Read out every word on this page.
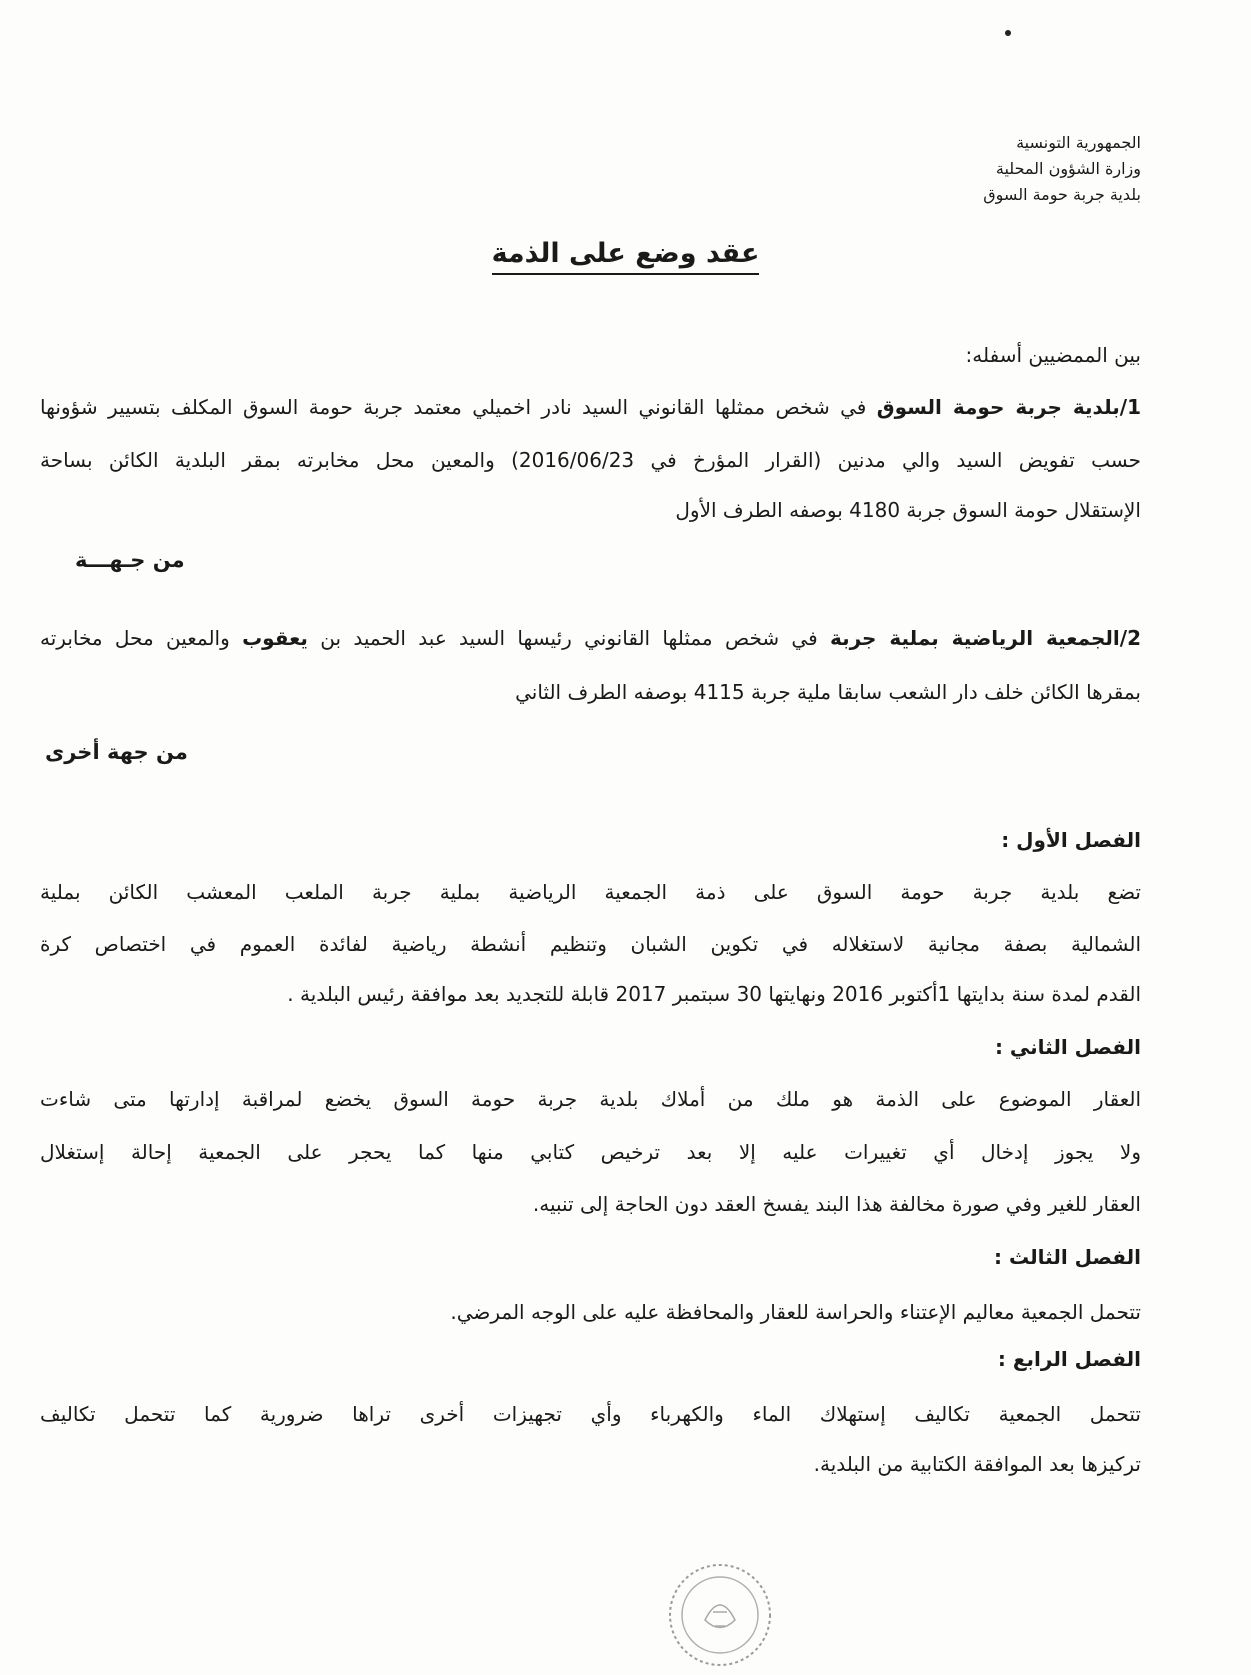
الجمهورية التونسية
وزارة الشؤون المحلية
بلدية جربة حومة السوق
عقد وضع على الذمة
بين الممضيين أسفله:
1/بلدية جربة حومة السوق في شخص ممثلها القانوني السيد نادر اخميلي معتمد جربة حومة السوق المكلف بتسيير شؤونها
حسب تفويض السيد والي مدنين (القرار المؤرخ في 2016/06/23) والمعين محل مخابرته بمقر البلدية الكائن بساحة
الإستقلال حومة السوق جربة 4180 بوصفه الطرف الأول
من جـهـــة
2/الجمعية الرياضية بملية جربة في شخص ممثلها القانوني رئيسها السيد عبد الحميد بن يعقوب والمعين محل مخابرته
بمقرها الكائن خلف دار الشعب سابقا ملية جربة 4115 بوصفه الطرف الثاني
من جهة أخرى
الفصل الأول :
تضع بلدية جربة حومة السوق على ذمة الجمعية الرياضية بملية جربة الملعب المعشب الكائن بملية
الشمالية بصفة مجانية لاستغلاله في تكوين الشبان وتنظيم أنشطة رياضية لفائدة العموم في اختصاص كرة
القدم لمدة سنة بدايتها 1أكتوبر 2016 ونهايتها 30 سبتمبر 2017 قابلة للتجديد بعد موافقة رئيس البلدية .
الفصل الثاني :
العقار الموضوع على الذمة هو ملك من أملاك بلدية جربة حومة السوق يخضع لمراقبة إدارتها متى شاءت
ولا يجوز إدخال أي تغييرات عليه إلا بعد ترخيص كتابي منها كما يحجر على الجمعية إحالة إستغلال
العقار للغير وفي صورة مخالفة هذا البند يفسخ العقد دون الحاجة إلى تنبيه.
الفصل الثالث :
تتحمل الجمعية معاليم الإعتناء والحراسة للعقار والمحافظة عليه على الوجه المرضي.
الفصل الرابع :
تتحمل الجمعية تكاليف إستهلاك الماء والكهرباء وأي تجهيزات أخرى تراها ضرورية كما تتحمل تكاليف
تركيزها بعد الموافقة الكتابية من البلدية.
